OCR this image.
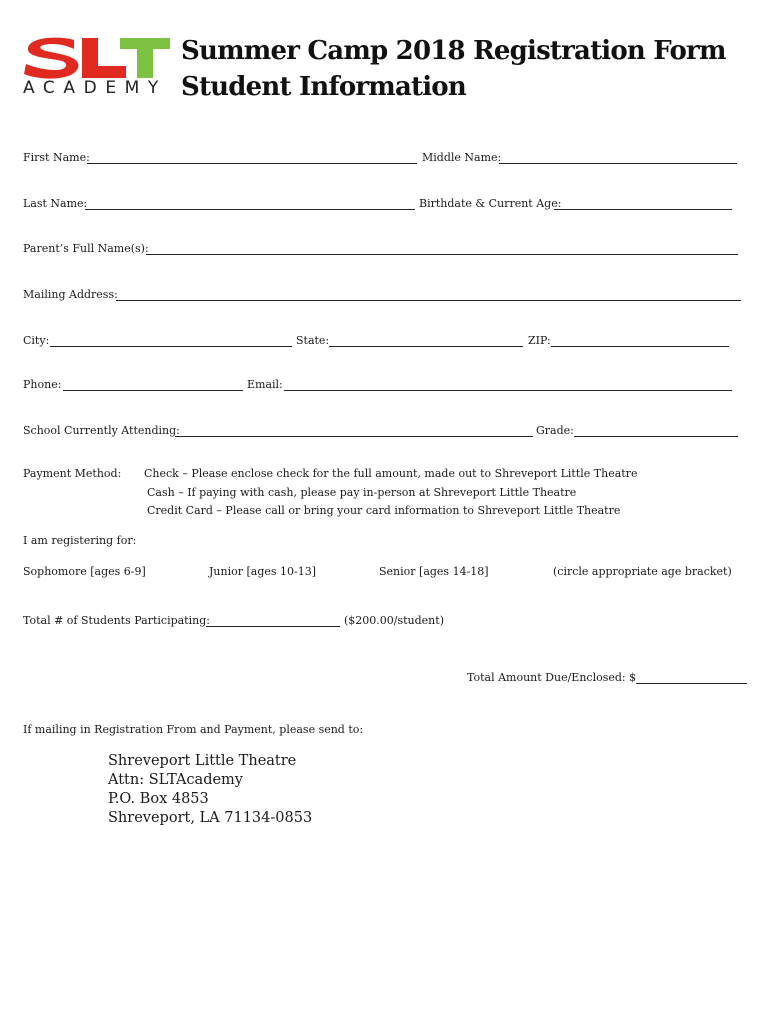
ACADEMY
Summer Camp 2018 Registration Form
Student Information
First Name:	Middle Name:
Last Name:	Birthdate & Current Age:
Parent’s Full Name(s):
Mailing Address:
City:	State:	ZIP:
Phone:	Email:
School Currently Attending:	Grade:
Payment Method: Check – Please enclose check for the full amount, made out to Shreveport Little Theatre
Cash – If paying with cash, please pay in-person at Shreveport Little Theatre
Credit Card – Please call or bring your card information to Shreveport Little Theatre
I am registering for:
Sophomore [ages 6-9]	Junior [ages 10-13]	Senior [ages 14-18]	(circle appropriate age bracket)
Total # of Students Participating:	($200.00/student)
Total Amount Due/Enclosed: $
If mailing in Registration From and Payment, please send to:
Shreveport Little Theatre
Attn: SLTAcademy
P.O. Box 4853
Shreveport, LA 71134-0853
